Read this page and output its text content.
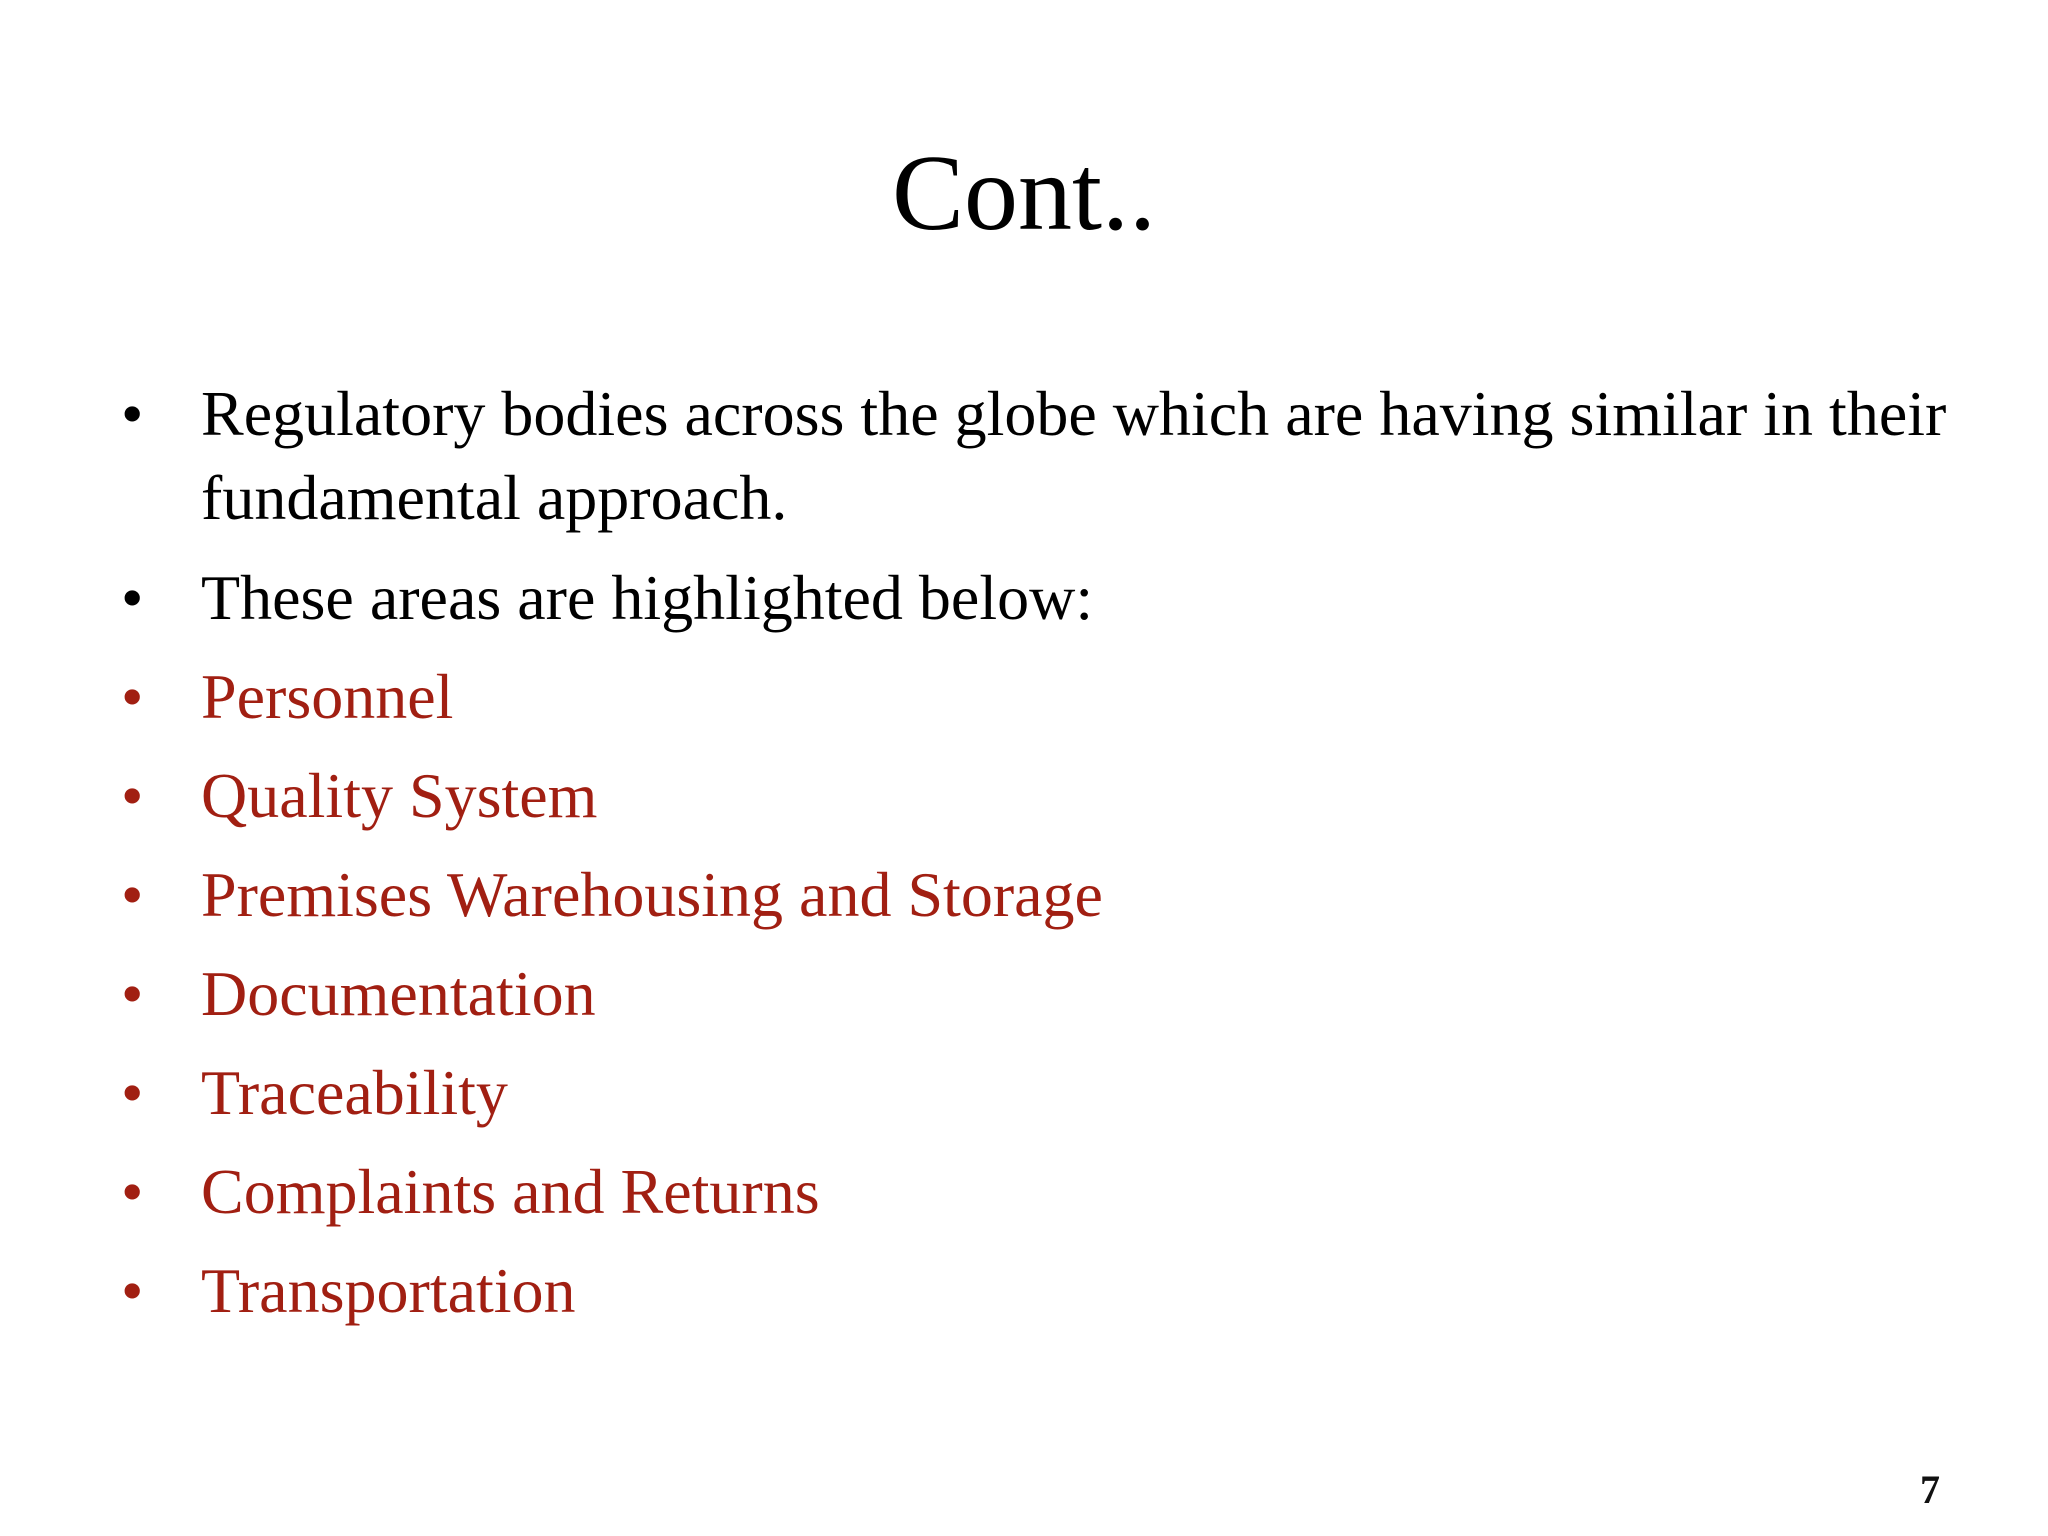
Cont..
• Regulatory bodies across the globe which are having similar in their fundamental approach.
• These areas are highlighted below:
• Personnel
• Quality System
• Premises Warehousing and Storage
• Documentation
• Traceability
• Complaints and Returns
• Transportation
7
